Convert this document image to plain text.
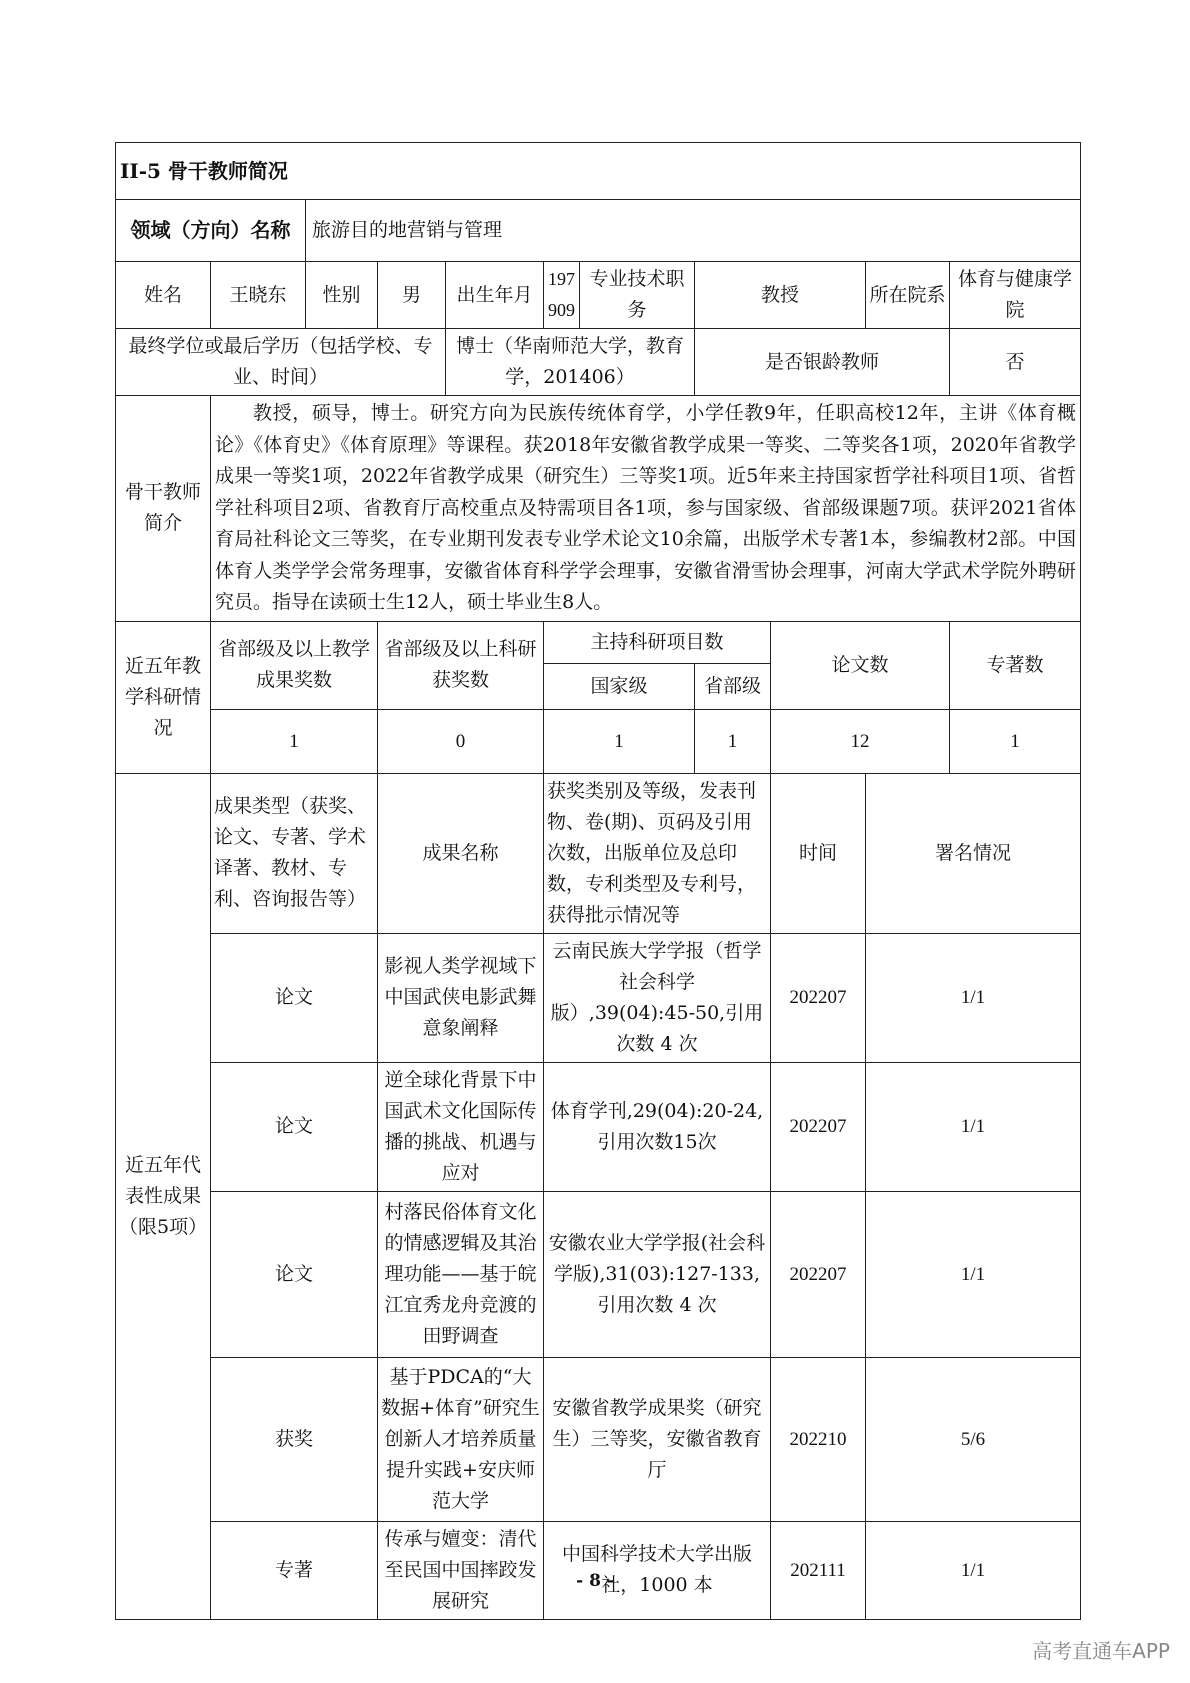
II-5 骨干教师简况										
领域（方向）名称		旅游目的地营销与管理								
姓名	王晓东	性别	男	出生年月	197909	专业技术职务	教授		所在院系	体育与健康学院
最终学位或最后学历（包括学校、专业、时间）				博士（华南师范大学，教育学，201406）			是否银龄教师			否
骨干教师简介	教授，硕导，博士。研究方向为民族传统体育学，小学任教9年，任职高校12年，主讲《体育概论》《体育史》《体育原理》等课程。获2018年安徽省教学成果一等奖、二等奖各1项，2020年省教学成果一等奖1项，2022年省教学成果（研究生）三等奖1项。近5年来主持国家哲学社科项目1项、省哲学社科项目2项、省教育厅高校重点及特需项目各1项，参与国家级、省部级课题7项。获评2021省体育局社科论文三等奖，在专业期刊发表专业学术论文10余篇，出版学术专著1本，参编教材2部。中国体育人类学学会常务理事，安徽省体育科学学会理事，安徽省滑雪协会理事，河南大学武术学院外聘研究员。指导在读硕士生12人，硕士毕业生8人。									

近五年教学科研情况	省部级及以上教学成果奖数		省部级及以上科研获奖数		主持科研项目数			论文数		专著数
					国家级		省部级			
	1		0		1		1	12		1
近五年代表性成果（限5项）	成果类型（获奖、论文、专著、学术译著、教材、专利、咨询报告等）		成果名称		获奖类别及等级，发表刊物、卷(期)、页码及引用次数，出版单位及总印数，专利类型及专利号，获得批示情况等			时间	署名情况	
	论文		影视人类学视域下中国武侠电影武舞意象阐释		云南民族大学学报（哲学社会科学版）,39(04):45-50,引用次数 4 次			202207	1/1	
	论文		逆全球化背景下中国武术文化国际传播的挑战、机遇与应对		体育学刊,29(04):20-24,引用次数15次			202207	1/1	
	论文		村落民俗体育文化的情感逻辑及其治理功能——基于皖江宜秀龙舟竞渡的田野调查		安徽农业大学学报(社会科学版),31(03):127-133,引用次数 4 次			202207	1/1	
	获奖		基于PDCA的“大数据+体育”研究生创新人才培养质量提升实践+安庆师范大学		安徽省教学成果奖（研究生）三等奖，安徽省教育厅			202210	5/6	
	专著		传承与嬗变：清代至民国中国摔跤发展研究		中国科学技术大学出版社，1000 本			202111	1/1	
- 8 -
高考直通车APP
